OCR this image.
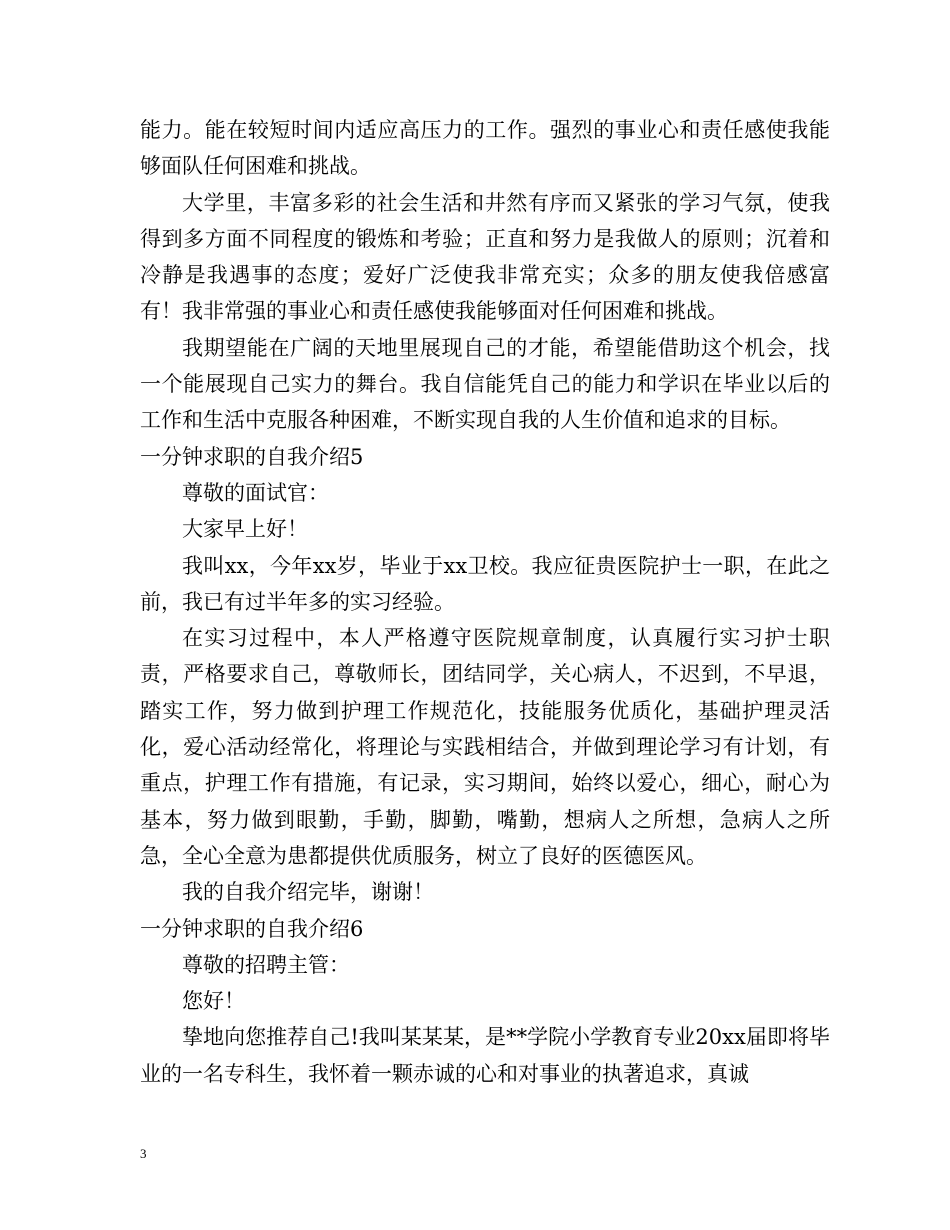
能力。能在较短时间内适应高压力的工作。强烈的事业心和责任感使我能够面队任何困难和挑战。

大学里，丰富多彩的社会生活和井然有序而又紧张的学习气氛，使我得到多方面不同程度的锻炼和考验；正直和努力是我做人的原则；沉着和冷静是我遇事的态度；爱好广泛使我非常充实；众多的朋友使我倍感富有！我非常强的事业心和责任感使我能够面对任何困难和挑战。

我期望能在广阔的天地里展现自己的才能，希望能借助这个机会，找一个能展现自己实力的舞台。我自信能凭自己的能力和学识在毕业以后的工作和生活中克服各种困难，不断实现自我的人生价值和追求的目标。

一分钟求职的自我介绍5

尊敬的面试官：

大家早上好！

我叫xx，今年xx岁，毕业于xx卫校。我应征贵医院护士一职，在此之前，我已有过半年多的实习经验。

在实习过程中，本人严格遵守医院规章制度，认真履行实习护士职责，严格要求自己，尊敬师长，团结同学，关心病人，不迟到，不早退，踏实工作，努力做到护理工作规范化，技能服务优质化，基础护理灵活化，爱心活动经常化，将理论与实践相结合，并做到理论学习有计划，有重点，护理工作有措施，有记录，实习期间，始终以爱心，细心，耐心为基本，努力做到眼勤，手勤，脚勤，嘴勤，想病人之所想，急病人之所急，全心全意为患都提供优质服务，树立了良好的医德医风。

我的自我介绍完毕，谢谢！

一分钟求职的自我介绍6

尊敬的招聘主管：

您好！

挚地向您推荐自己!我叫某某某，是**学院小学教育专业20xx届即将毕业的一名专科生，我怀着一颗赤诚的心和对事业的执著追求，真诚

3
